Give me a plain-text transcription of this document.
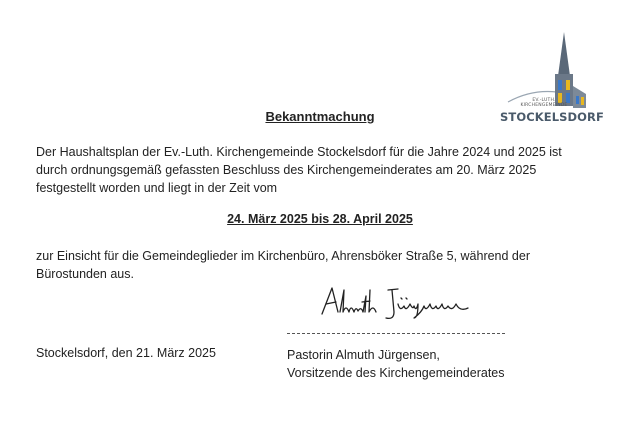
EV.-LUTH. KIRCHENGEMEINDE
STOCKELSDORF
Bekanntmachung
Der Haushaltsplan der Ev.-Luth. Kirchengemeinde Stockelsdorf für die Jahre 2024 und 2025 ist
durch ordnungsgemäß gefassten Beschluss des Kirchengemeinderates am 20. März 2025
festgestellt worden und liegt in der Zeit vom
24. März 2025 bis 28. April 2025
zur Einsicht für die Gemeindeglieder im Kirchenbüro, Ahrensböker Straße 5, während der
Bürostunden aus.
Stockelsdorf, den 21. März 2025	Pastorin Almuth Jürgensen,
Vorsitzende des Kirchengemeinderates
